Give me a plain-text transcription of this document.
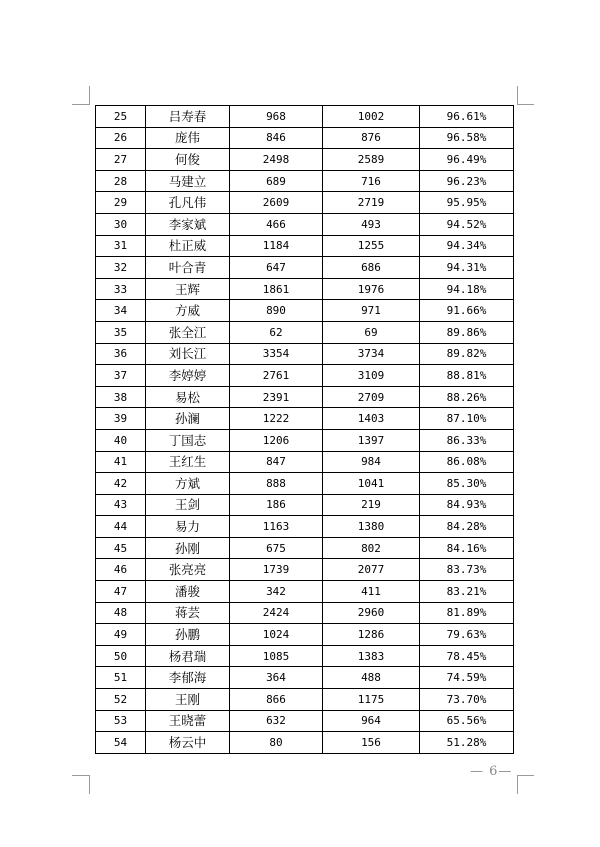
25	吕寿春	968	1002	96.61%
26	庞伟	846	876	96.58%
27	何俊	2498	2589	96.49%
28	马建立	689	716	96.23%
29	孔凡伟	2609	2719	95.95%
30	李家斌	466	493	94.52%
31	杜正威	1184	1255	94.34%
32	叶合青	647	686	94.31%
33	王辉	1861	1976	94.18%
34	方威	890	971	91.66%
35	张全江	62	69	89.86%
36	刘长江	3354	3734	89.82%
37	李婷婷	2761	3109	88.81%
38	易松	2391	2709	88.26%
39	孙澜	1222	1403	87.10%
40	丁国志	1206	1397	86.33%
41	王红生	847	984	86.08%
42	方斌	888	1041	85.30%
43	王剑	186	219	84.93%
44	易力	1163	1380	84.28%
45	孙刚	675	802	84.16%
46	张亮亮	1739	2077	83.73%
47	潘骏	342	411	83.21%
48	蒋芸	2424	2960	81.89%
49	孙鹏	1024	1286	79.63%
50	杨君瑞	1085	1383	78.45%
51	李郁海	364	488	74.59%
52	王刚	866	1175	73.70%
53	王晓蕾	632	964	65.56%
54	杨云中	80	156	51.28%
— 6—
